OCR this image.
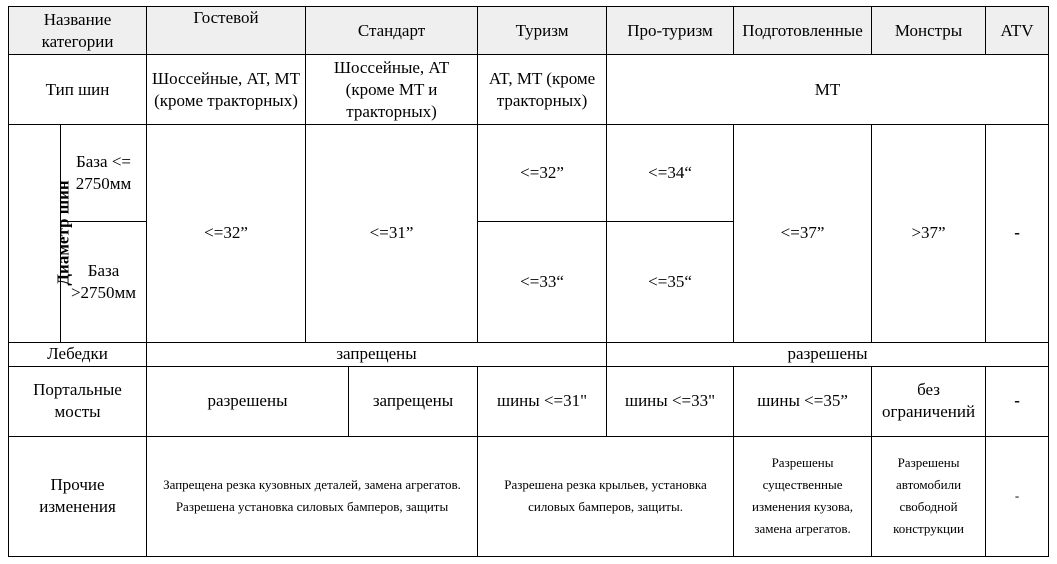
Название категории		Гостевой	Стандарт		Туризм	Про-туризм	Подготовленные	Монстры	ATV
Тип шин		Шоссейные, AT, MT (кроме тракторных)	Шоссейные, AT (кроме MT и тракторных)		AT, MT (кроме тракторных)	MT			
Диаметр шин	База <= 2750мм	<=32”	<=31”		<=32”	<=34“	<=37”	>37”	-
	База >2750мм				<=33“	<=35“			
Лебедки		запрещены				разрешены			
Портальные мосты		разрешены		запрещены	шины <=31"	шины <=33"	шины <=35”	без ограничений	-
Прочие изменения		Запрещена резка кузовных деталей, замена агрегатов. Разрешена установка силовых бамперов, защиты			Разрешена резка крыльев, установка силовых бамперов, защиты.		Разрешены существенные изменения кузова, замена агрегатов.	Разрешены автомобили свободной конструкции	-
